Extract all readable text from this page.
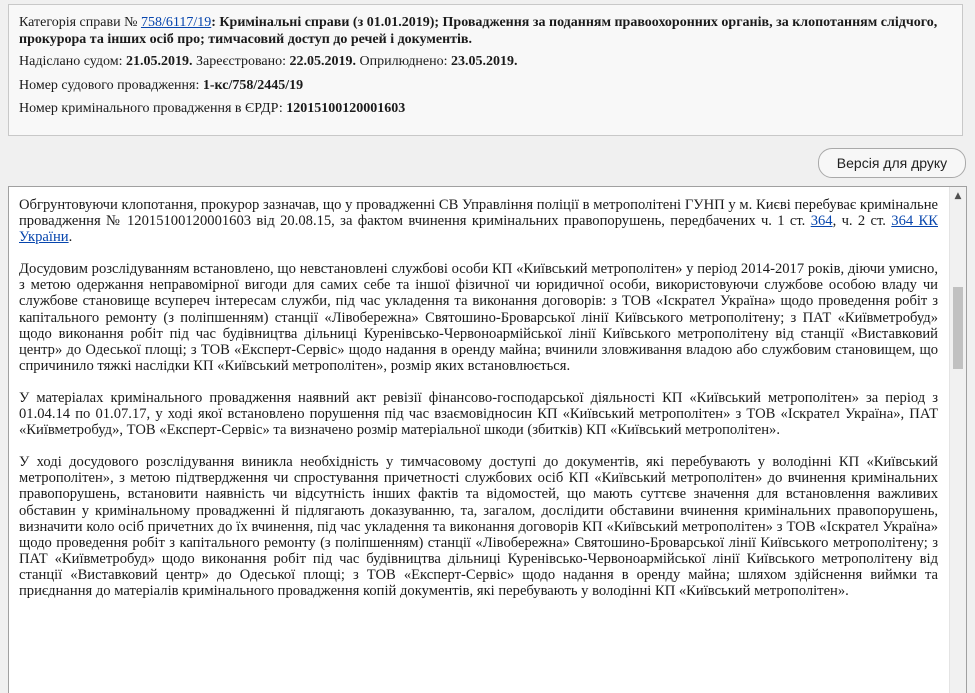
Категорія справи № 758/6117/19: Кримінальні справи (з 01.01.2019); Провадження за поданням правоохоронних органів, за клопотанням слідчого, прокурора та інших осіб про; тимчасовий доступ до речей і документів.

Надіслано судом: 21.05.2019. Зареєстровано: 22.05.2019. Оприлюднено: 23.05.2019.

Номер судового провадження: 1-кс/758/2445/19

Номер кримінального провадження в ЄРДР: 12015100120001603

Версія для друку

Обгрунтовуючи клопотання, прокурор зазначав, що у провадженні СВ Управління поліції в метрополітені ГУНП у м. Києві перебуває кримінальне провадження № 12015100120001603 від 20.08.15, за фактом вчинення кримінальних правопорушень, передбачених ч. 1 ст. 364, ч. 2 ст. 364 КК України.

Досудовим розслідуванням встановлено, що невстановлені службові особи КП «Київський метрополітен» у період 2014-2017 років, діючи умисно, з метою одержання неправомірної вигоди для самих себе та іншої фізичної чи юридичної особи, використовуючи службове особою владу чи службове становище всупереч інтересам служби, під час укладення та виконання договорів: з ТОВ «Іскрател Україна» щодо проведення робіт з капітального ремонту (з поліпшенням) станції «Лівобережна» Святошино-Броварської лінії Київського метрополітену; з ПАТ «Київметробуд» щодо виконання робіт під час будівництва дільниці Куренівсько-Червоноармійської лінії Київського метрополітену від станції «Виставковий центр» до Одеської площі; з ТОВ «Експерт-Сервіс» щодо надання в оренду майна; вчинили зловживання владою або службовим становищем, що спричинило тяжкі наслідки КП «Київський метрополітен», розмір яких встановлюється.

У матеріалах кримінального провадження наявний акт ревізії фінансово-господарської діяльності КП «Київський метрополітен» за період з 01.04.14 по 01.07.17, у ході якої встановлено порушення під час взаємовідносин КП «Київський метрополітен» з ТОВ «Іскрател Україна», ПАТ «Київметробуд», ТОВ «Експерт-Сервіс» та визначено розмір матеріальної шкоди (збитків) КП «Київський метрополітен».

У ході досудового розслідування виникла необхідність у тимчасовому доступі до документів, які перебувають у володінні КП «Київський метрополітен», з метою підтвердження чи спростування причетності службових осіб КП «Київський метрополітен» до вчинення кримінальних правопорушень, встановити наявність чи відсутність інших фактів та відомостей, що мають суттєве значення для встановлення важливих обставин у кримінальному провадженні й підлягають доказуванню, та, загалом, дослідити обставини вчинення кримінальних правопорушень, визначити коло осіб причетних до їх вчинення, під час укладення та виконання договорів КП «Київський метрополітен» з ТОВ «Іскрател Україна» щодо проведення робіт з капітального ремонту (з поліпшенням) станції «Лівобережна» Святошино-Броварської лінії Київського метрополітену; з ПАТ «Київметробуд» щодо виконання робіт під час будівництва дільниці Куренівсько-Червоноармійської лінії Київського метрополітену від станції «Виставковий центр» до Одеської площі; з ТОВ «Експерт-Сервіс» щодо надання в оренду майна; шляхом здійснення виймки та приєднання до матеріалів кримінального провадження копій документів, які перебувають у володінні КП «Київський метрополітен».

▲
